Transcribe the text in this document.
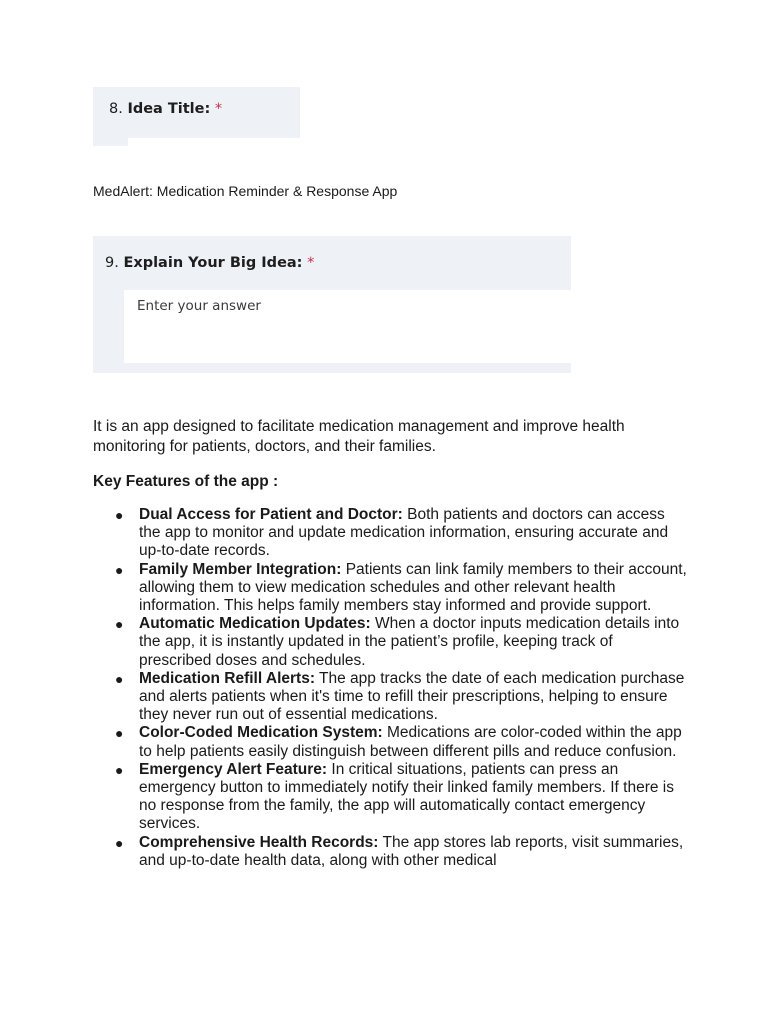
8. Idea Title: *
MedAlert: Medication Reminder & Response App
9. Explain Your Big Idea: *
Enter your answer
It is an app designed to facilitate medication management and improve health monitoring for patients, doctors, and their families.
Key Features of the app :
● Dual Access for Patient and Doctor: Both patients and doctors can access the app to monitor and update medication information, ensuring accurate and up-to-date records.
● Family Member Integration: Patients can link family members to their account, allowing them to view medication schedules and other relevant health information. This helps family members stay informed and provide support.
● Automatic Medication Updates: When a doctor inputs medication details into the app, it is instantly updated in the patient’s profile, keeping track of prescribed doses and schedules.
● Medication Refill Alerts: The app tracks the date of each medication purchase and alerts patients when it's time to refill their prescriptions, helping to ensure they never run out of essential medications.
● Color-Coded Medication System: Medications are color-coded within the app to help patients easily distinguish between different pills and reduce confusion.
● Emergency Alert Feature: In critical situations, patients can press an emergency button to immediately notify their linked family members. If there is no response from the family, the app will automatically contact emergency services.
● Comprehensive Health Records: The app stores lab reports, visit summaries, and up-to-date health data, along with other medical
